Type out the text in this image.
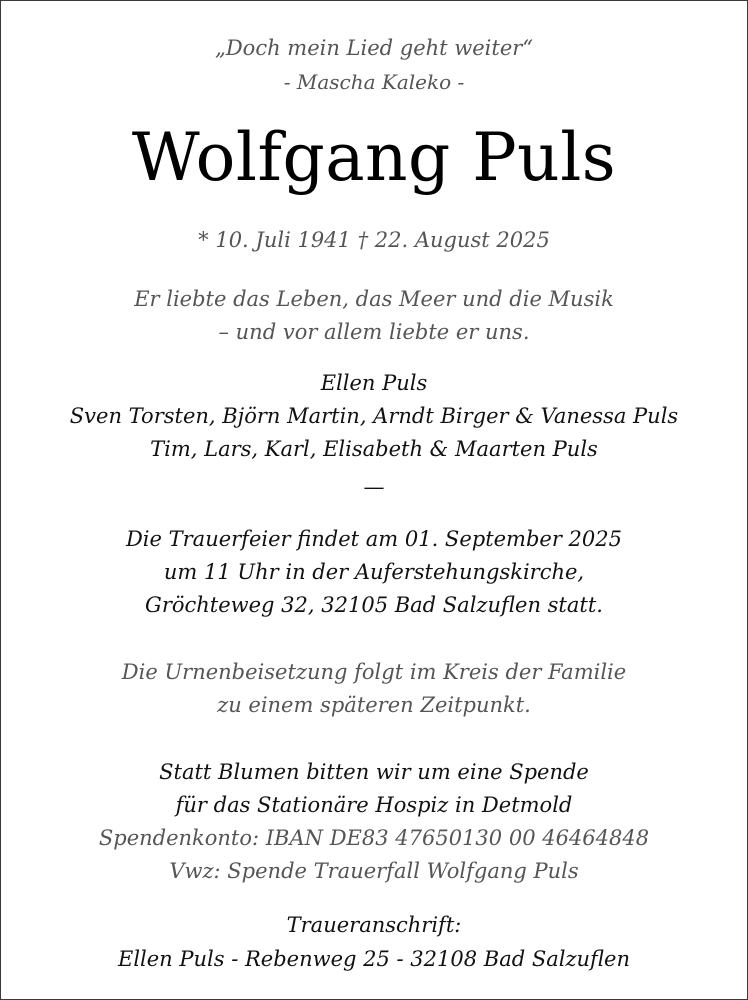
„Doch mein Lied geht weiter“
- Mascha Kaleko -
Wolfgang Puls
* 10. Juli 1941 † 22. August 2025
Er liebte das Leben, das Meer und die Musik
– und vor allem liebte er uns.
Ellen Puls
Sven Torsten, Björn Martin, Arndt Birger & Vanessa Puls
Tim, Lars, Karl, Elisabeth & Maarten Puls
—
Die Trauerfeier findet am 01. September 2025
um 11 Uhr in der Auferstehungskirche,
Gröchteweg 32, 32105 Bad Salzuflen statt.
Die Urnenbeisetzung folgt im Kreis der Familie
zu einem späteren Zeitpunkt.
Statt Blumen bitten wir um eine Spende
für das Stationäre Hospiz in Detmold
Spendenkonto: IBAN DE83 47650130 00 46464848
Vwz: Spende Trauerfall Wolfgang Puls
Traueranschrift:
Ellen Puls - Rebenweg 25 - 32108 Bad Salzuflen
